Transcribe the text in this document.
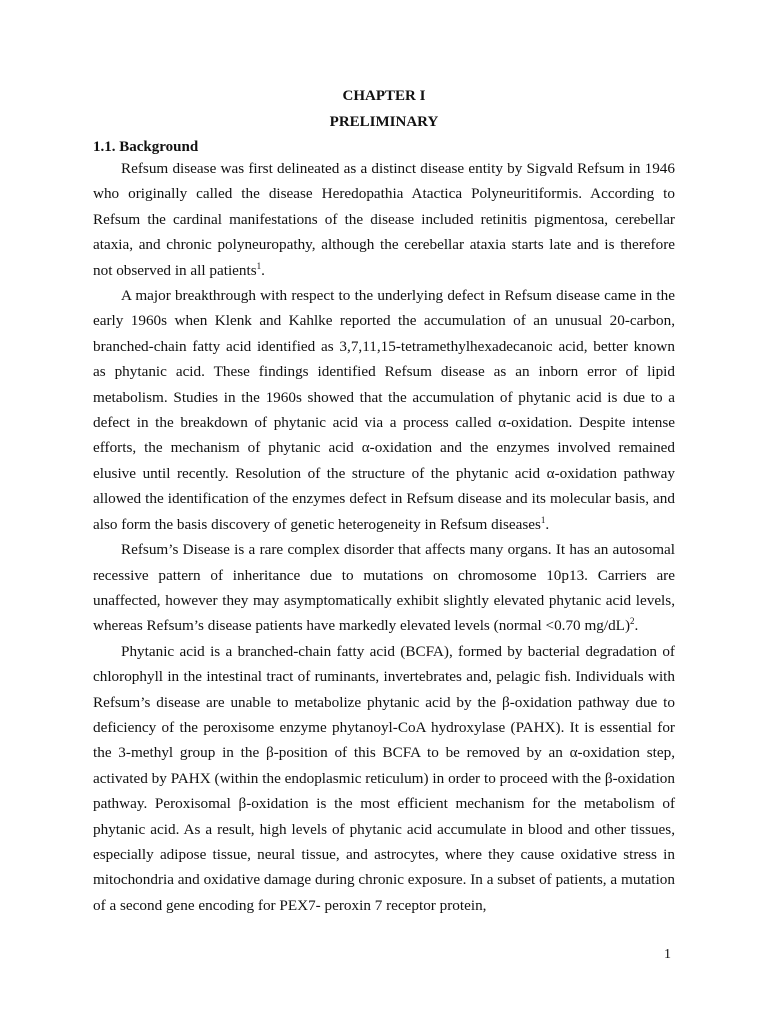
CHAPTER I
PRELIMINARY
1.1. Background

Refsum disease was first delineated as a distinct disease entity by Sigvald Refsum in 1946 who originally called the disease Heredopathia Atactica Polyneuritiformis. According to Refsum the cardinal manifestations of the disease included retinitis pigmentosa, cerebellar ataxia, and chronic polyneuropathy, although the cerebellar ataxia starts late and is therefore not observed in all patients$^1$.

A major breakthrough with respect to the underlying defect in Refsum disease came in the early 1960s when Klenk and Kahlke reported the accumulation of an unusual 20-carbon, branched-chain fatty acid identified as 3,7,11,15-tetramethylhexadecanoic acid, better known as phytanic acid. These findings identified Refsum disease as an inborn error of lipid metabolism. Studies in the 1960s showed that the accumulation of phytanic acid is due to a defect in the breakdown of phytanic acid via a process called α-oxidation. Despite intense efforts, the mechanism of phytanic acid α-oxidation and the enzymes involved remained elusive until recently. Resolution of the structure of the phytanic acid α-oxidation pathway allowed the identification of the enzymes defect in Refsum disease and its molecular basis, and also form the basis discovery of genetic heterogeneity in Refsum diseases$^1$.

Refsum’s Disease is a rare complex disorder that affects many organs. It has an autosomal recessive pattern of inheritance due to mutations on chromosome 10p13. Carriers are unaffected, however they may asymptomatically exhibit slightly elevated phytanic acid levels, whereas Refsum’s disease patients have markedly elevated levels (normal <0.70 mg/dL)$^2$.

Phytanic acid is a branched-chain fatty acid (BCFA), formed by bacterial degradation of chlorophyll in the intestinal tract of ruminants, invertebrates and, pelagic fish. Individuals with Refsum’s disease are unable to metabolize phytanic acid by the β-oxidation pathway due to deficiency of the peroxisome enzyme phytanoyl-CoA hydroxylase (PAHX). It is essential for the 3-methyl group in the β-position of this BCFA to be removed by an α-oxidation step, activated by PAHX (within the endoplasmic reticulum) in order to proceed with the β-oxidation pathway. Peroxisomal β-oxidation is the most efficient mechanism for the metabolism of phytanic acid. As a result, high levels of phytanic acid accumulate in blood and other tissues, especially adipose tissue, neural tissue, and astrocytes, where they cause oxidative stress in mitochondria and oxidative damage during chronic exposure. In a subset of patients, a mutation of a second gene encoding for PEX7- peroxin 7 receptor protein,

1
